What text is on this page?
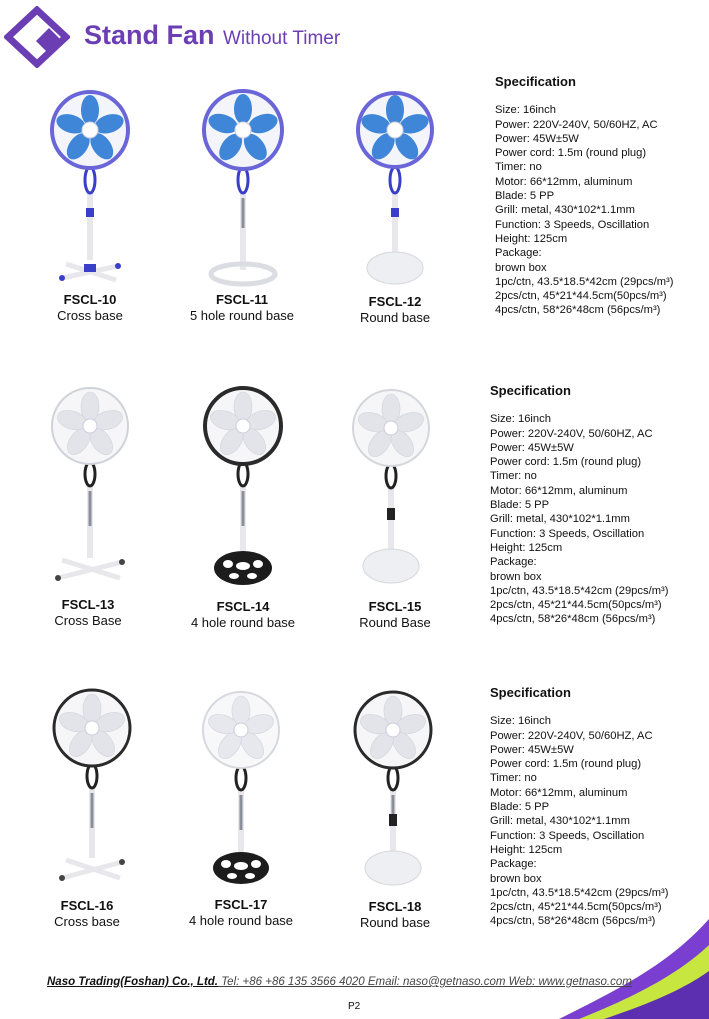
Stand Fan Without Timer
FSCL-10
Cross base
FSCL-11
5 hole round base
FSCL-12
Round base
Specification
Size: 16inch
Power: 220V-240V, 50/60HZ, AC
Power: 45W±5W
Power cord: 1.5m (round plug)
Timer: no
Motor: 66*12mm, aluminum
Blade: 5 PP
Grill: metal, 430*102*1.1mm
Function: 3 Speeds, Oscillation
Height: 125cm
Package:
brown box
1pc/ctn, 43.5*18.5*42cm (29pcs/m³)
2pcs/ctn, 45*21*44.5cm(50pcs/m³)
4pcs/ctn, 58*26*48cm (56pcs/m³)
FSCL-13
Cross Base
FSCL-14
4 hole round base
FSCL-15
Round Base
Specification
Size: 16inch
Power: 220V-240V, 50/60HZ, AC
Power: 45W±5W
Power cord: 1.5m (round plug)
Timer: no
Motor: 66*12mm, aluminum
Blade: 5 PP
Grill: metal, 430*102*1.1mm
Function: 3 Speeds, Oscillation
Height: 125cm
Package:
brown box
1pc/ctn, 43.5*18.5*42cm (29pcs/m³)
2pcs/ctn, 45*21*44.5cm(50pcs/m³)
4pcs/ctn, 58*26*48cm (56pcs/m³)
FSCL-16
Cross base
FSCL-17
4 hole round base
FSCL-18
Round base
Specification
Size: 16inch
Power: 220V-240V, 50/60HZ, AC
Power: 45W±5W
Power cord: 1.5m (round plug)
Timer: no
Motor: 66*12mm, aluminum
Blade: 5 PP
Grill: metal, 430*102*1.1mm
Function: 3 Speeds, Oscillation
Height: 125cm
Package:
brown box
1pc/ctn, 43.5*18.5*42cm (29pcs/m³)
2pcs/ctn, 45*21*44.5cm(50pcs/m³)
4pcs/ctn, 58*26*48cm (56pcs/m³)
Naso Trading(Foshan) Co., Ltd. Tel: +86 +86 135 3566 4020 Email: naso@getnaso.com Web: www.getnaso.com
P2
